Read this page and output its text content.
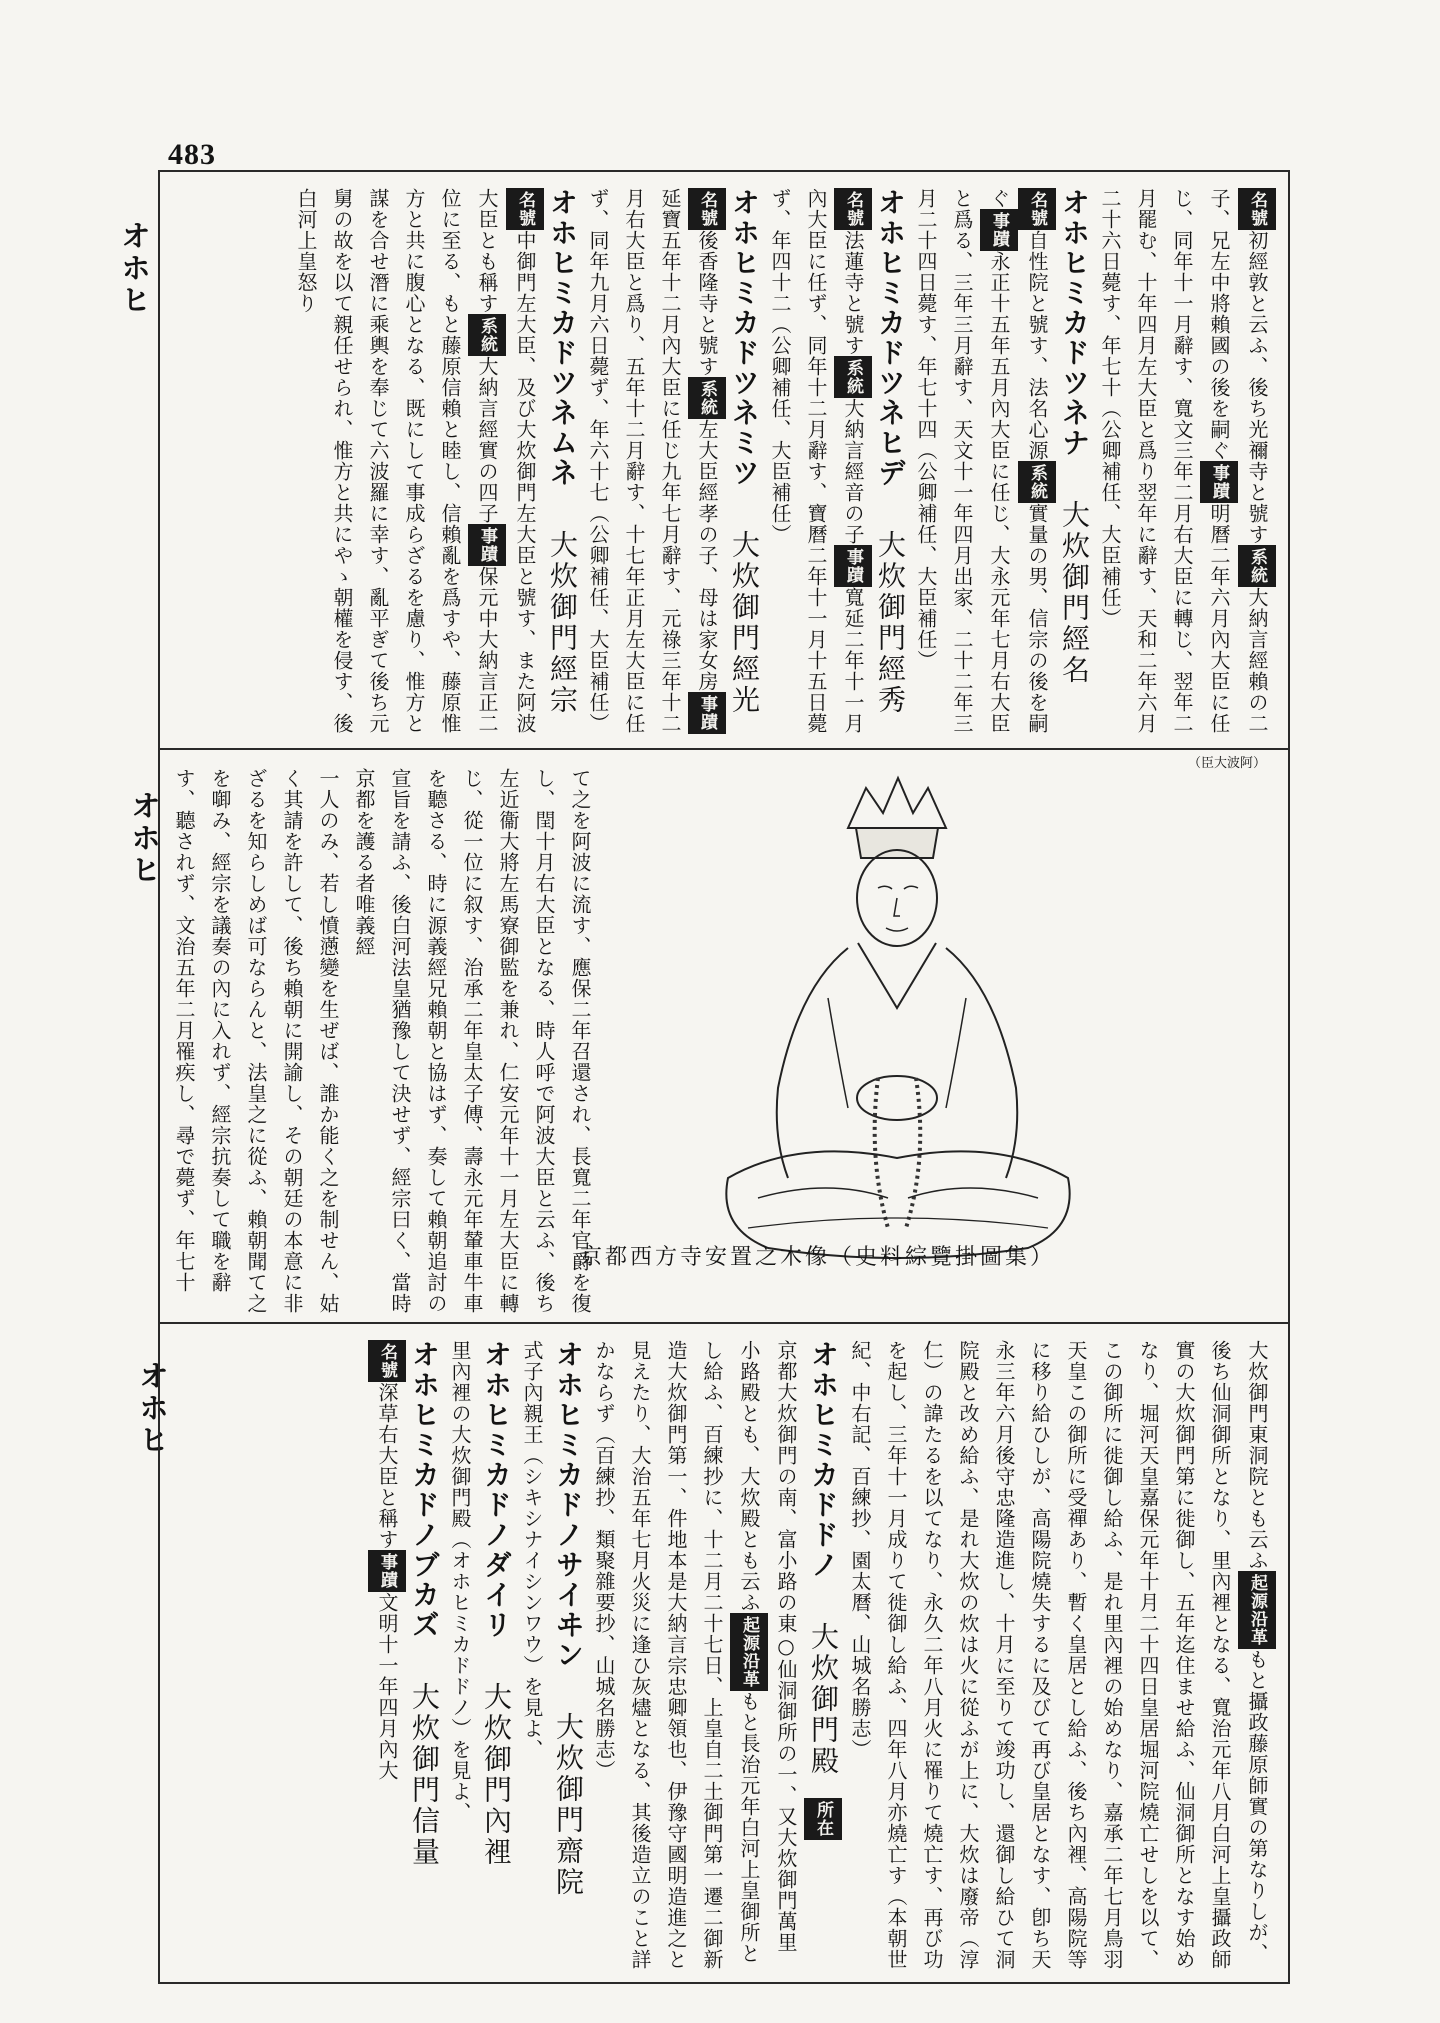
483
オホヒ
オホヒ
オホヒ

名號初經敦と云ふ、後ち光禰寺と號す系統大納言經賴の二子、兄左中將賴國の後を嗣ぐ事蹟明曆二年六月內大臣に任じ、同年十一月辭す、寬文三年二月右大臣に轉じ、翌年二月罷む、十年四月左大臣と爲り翌年に辭す、天和二年六月二十六日薨す、年七十（公卿補任、大臣補任）

オホヒミカドツネナ　　大炊御門經名

名號自性院と號す、法名心源系統實量の男、信宗の後を嗣ぐ事蹟永正十五年五月內大臣に任じ、大永元年七月右大臣と爲る、三年三月辭す、天文十一年四月出家、二十二年三月二十四日薨す、年七十四（公卿補任、大臣補任）

オホヒミカドツネヒデ　　大炊御門經秀

名號法蓮寺と號す系統大納言經音の子事蹟寬延二年十一月內大臣に任ず、同年十二月辭す、寶曆二年十一月十五日薨ず、年四十二（公卿補任、大臣補任）

オホヒミカドツネミツ　　大炊御門經光

名號後香隆寺と號す系統左大臣經孝の子、母は家女房事蹟延寶五年十二月內大臣に任じ九年七月辭す、元祿三年十二月右大臣と爲り、五年十二月辭す、十七年正月左大臣に任ず、同年九月六日薨ず、年六十七（公卿補任、大臣補任）

オホヒミカドツネムネ　　大炊御門經宗

名號中御門左大臣、及び大炊御門左大臣と號す、また阿波大臣とも稱す系統大納言經實の四子事蹟保元中大納言正二位に至る、もと藤原信賴と睦し、信賴亂を爲すや、藤原惟方と共に腹心となる、既にして事成らざるを慮り、惟方と謀を合せ潛に乘輿を奉じて六波羅に幸す、亂平ぎて後ち元舅の故を以て親任せられ、惟方と共にやゝ朝權を侵す、後白河上皇怒り

て之を阿波に流す、應保二年召還され、長寬二年官爵を復し、閏十月右大臣となる、時人呼で阿波大臣と云ふ、後ち左近衞大將左馬寮御監を兼れ、仁安元年十一月左大臣に轉じ、從一位に叙す、治承二年皇太子傅、壽永元年輦車牛車を聽さる、時に源義經兄賴朝と協はず、奏して賴朝追討の宣旨を請ふ、後白河法皇猶豫して決せず、經宗曰く、當時京都を護る者唯義經

一人のみ、若し憤懣變を生ぜば、誰か能く之を制せん、姑く其請を許して、後ち賴朝に開諭し、その朝廷の本意に非ざるを知らしめば可ならんと、法皇之に從ふ、賴朝聞て之を啣み、經宗を議奏の內に入れず、經宗抗奏して職を辭す、聽されず、文治五年二月罹疾し、尋で薨ず、年七十

大炊御門東洞院とも云ふ起源沿革もと攝政藤原師實の第なりしが、後ち仙洞御所となり、里內裡となる、寬治元年八月白河上皇攝政師實の大炊御門第に徙御し、五年迄住ませ給ふ、仙洞御所となす始めなり、堀河天皇嘉保元年十月二十四日皇居堀河院燒亡せしを以て、この御所に徙御し給ふ、是れ里內裡の始めなり、嘉承二年七月鳥羽天皇この御所に受禪あり、暫く皇居とし給ふ、後ち內裡、高陽院等に移り給ひしが、高陽院燒失するに及びて再び皇居となす、卽ち天永三年六月後守忠隆造進し、十月に至りて竣功し、還御し給ひて洞院殿と改め給ふ、是れ大炊の炊は火に從ふが上に、大炊は廢帝（淳仁）の諱たるを以てなり、永久二年八月火に罹りて燒亡す、再び功を起し、三年十一月成りて徙御し給ふ、四年八月亦燒亡す（本朝世紀、中右記、百練抄、園太曆、山城名勝志）

オホヒミカドドノ　　大炊御門殿　所在

京都大炊御門の南、富小路の東○仙洞御所の一、又大炊御門萬里小路殿とも、大炊殿とも云ふ起源沿革もと長治元年白河上皇御所とし給ふ、百練抄に、十二月二十七日、上皇自二土御門第一遷二御新造大炊御門第一、件地本是大納言宗忠卿領也、伊豫守國明造進之と見えたり、大治五年七月火災に逢ひ灰燼となる、其後造立のこと詳かならず（百練抄、類聚雜要抄、山城名勝志）

オホヒミカドノサイヰン　　大炊御門齋院

式子內親王（シキシナイシンワウ）を見よ、

オホヒミカドノダイリ　　大炊御門內裡

里內裡の大炊御門殿（オホヒミカドドノ）を見よ、

オホヒミカドノブカズ　　大炊御門信量

名號深草右大臣と稱す事蹟文明十一年四月內大

（臣大波阿）
京都西方寺安置之木像（史料綜覽掛圖集）
